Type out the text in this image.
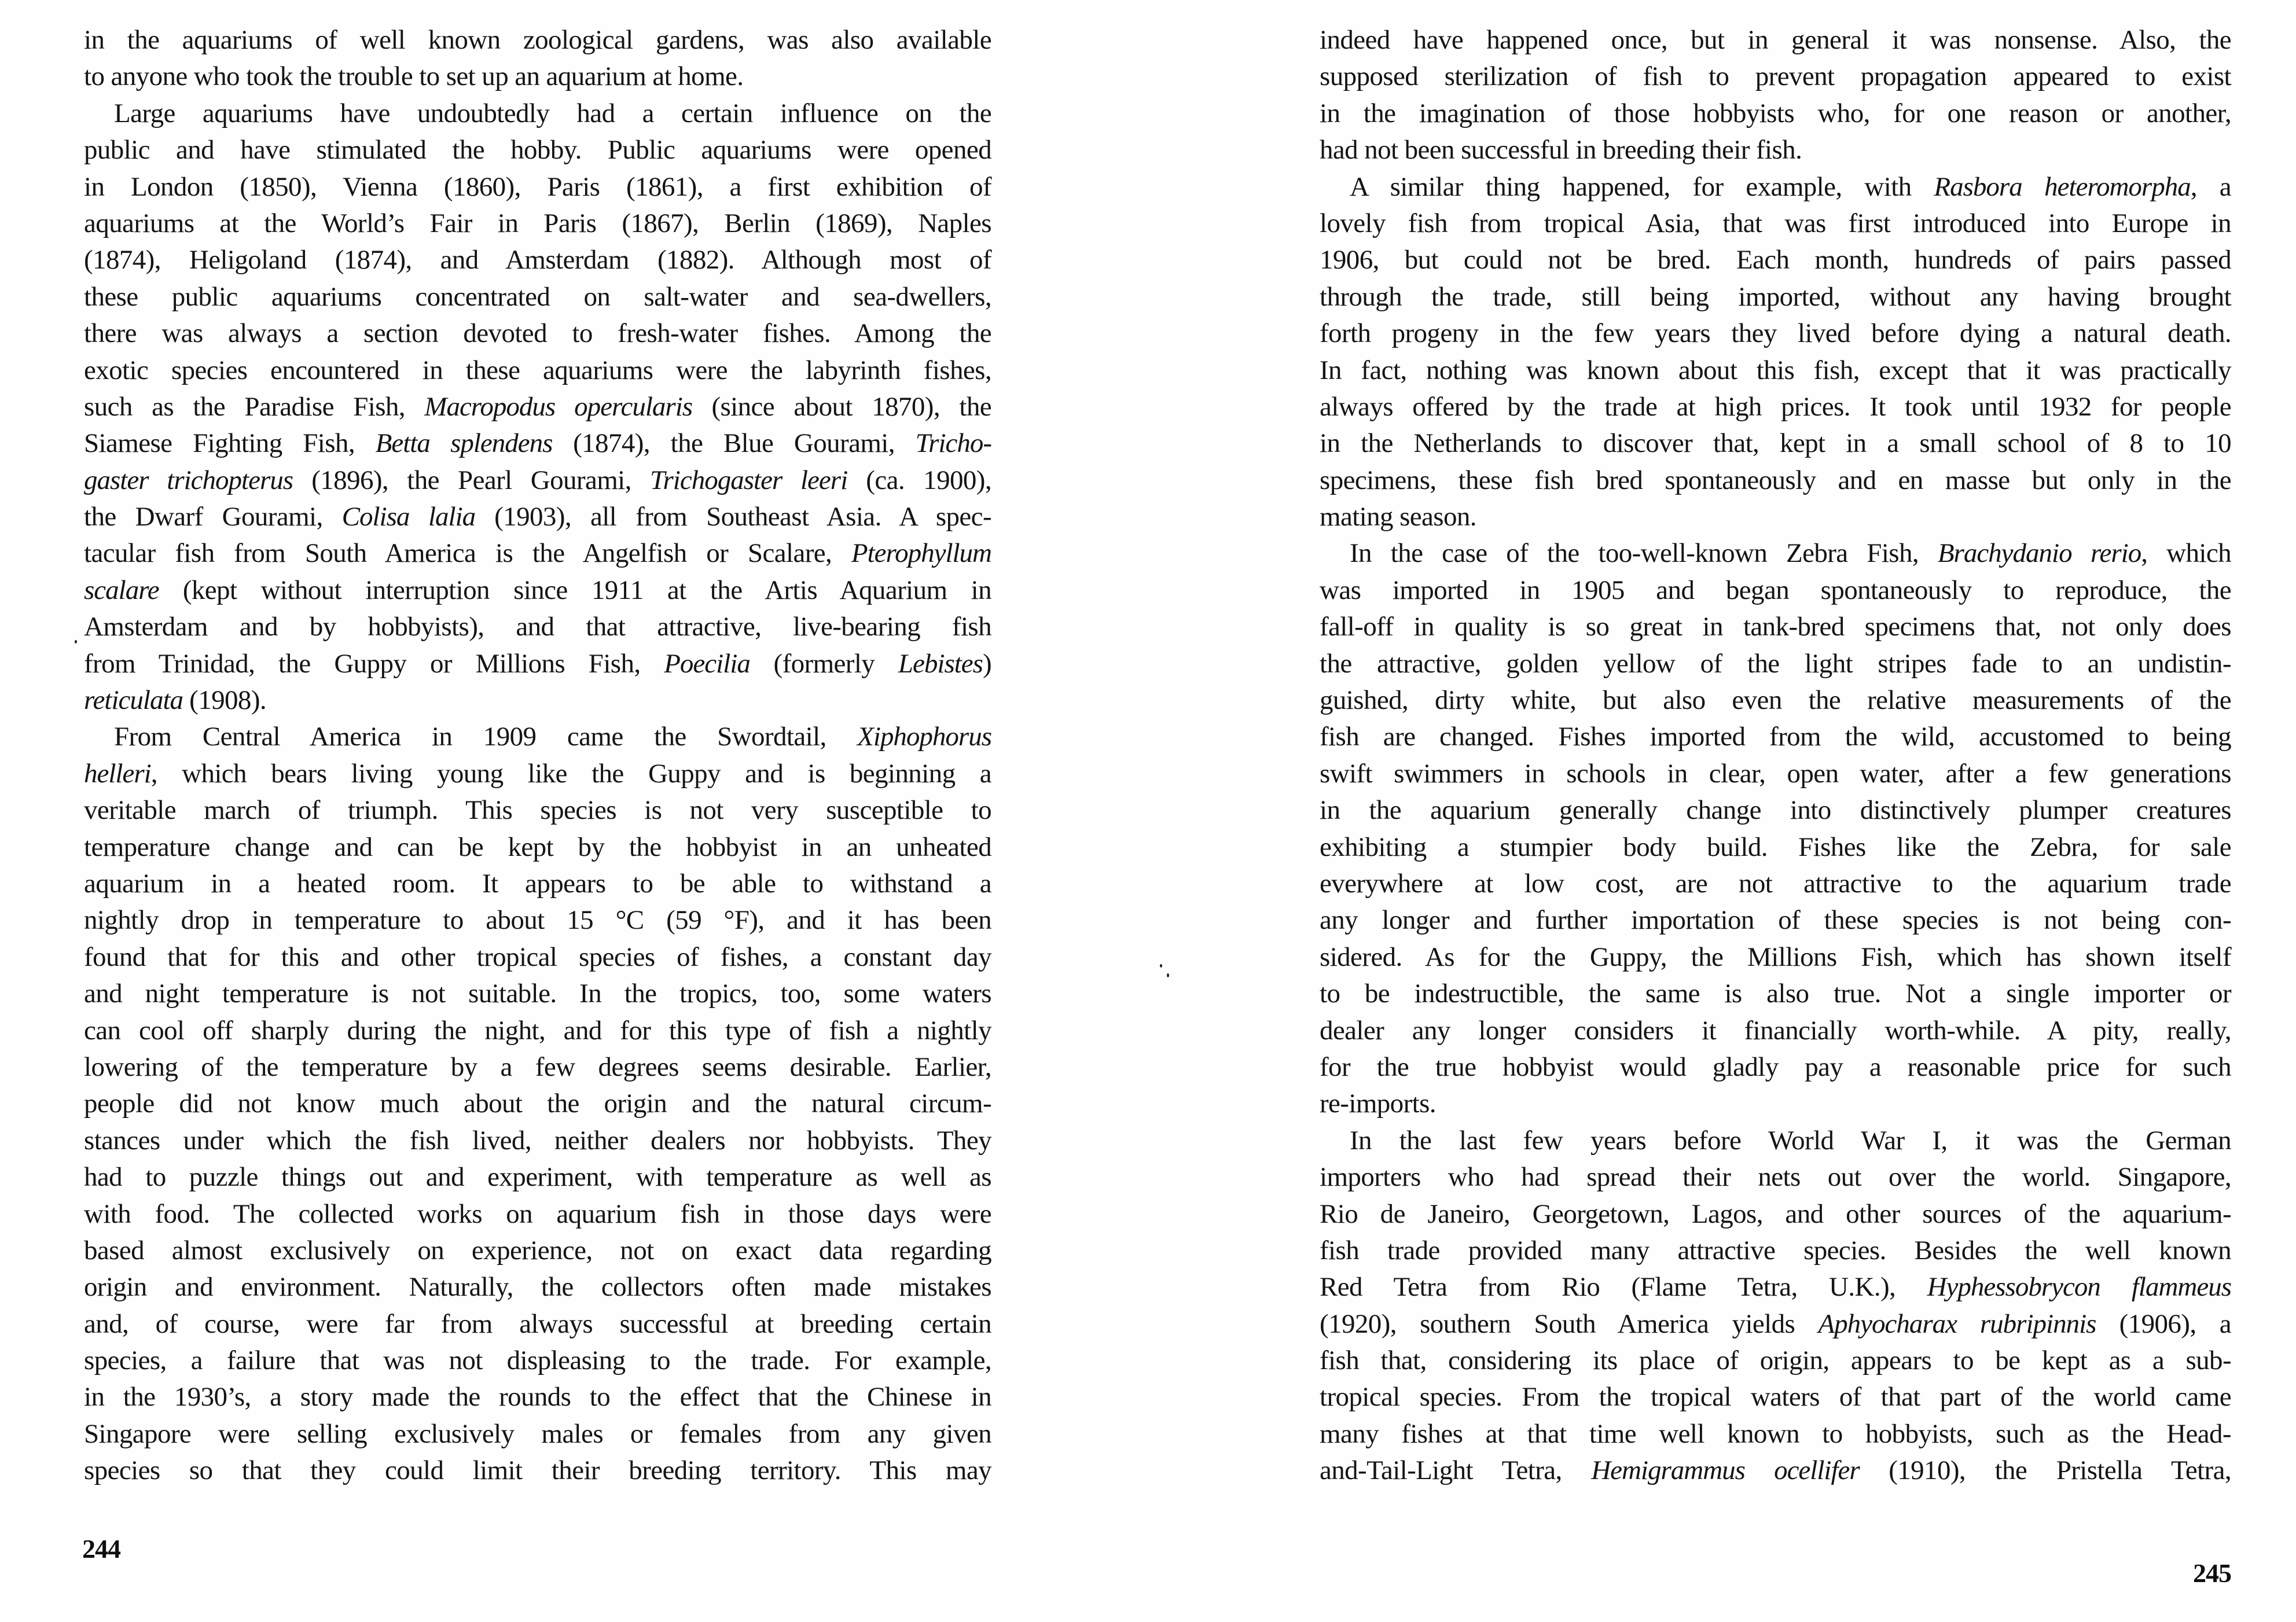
in the aquariums of well known zoological gardens, was also available
to anyone who took the trouble to set up an aquarium at home.
Large aquariums have undoubtedly had a certain influence on the
public and have stimulated the hobby. Public aquariums were opened
in London (1850), Vienna (1860), Paris (1861), a first exhibition of
aquariums at the World’s Fair in Paris (1867), Berlin (1869), Naples
(1874), Heligoland (1874), and Amsterdam (1882). Although most of
these public aquariums concentrated on salt-water and sea-dwellers,
there was always a section devoted to fresh-water fishes. Among the
exotic species encountered in these aquariums were the labyrinth fishes,
such as the Paradise Fish, Macropodus opercularis (since about 1870), the
Siamese Fighting Fish, Betta splendens (1874), the Blue Gourami, Tricho-
gaster trichopterus (1896), the Pearl Gourami, Trichogaster leeri (ca. 1900),
the Dwarf Gourami, Colisa lalia (1903), all from Southeast Asia. A spec-
tacular fish from South America is the Angelfish or Scalare, Pterophyllum
scalare (kept without interruption since 1911 at the Artis Aquarium in
Amsterdam and by hobbyists), and that attractive, live-bearing fish
from Trinidad, the Guppy or Millions Fish, Poecilia (formerly Lebistes)
reticulata (1908).
From Central America in 1909 came the Swordtail, Xiphophorus
helleri, which bears living young like the Guppy and is beginning a
veritable march of triumph. This species is not very susceptible to
temperature change and can be kept by the hobbyist in an unheated
aquarium in a heated room. It appears to be able to withstand a
nightly drop in temperature to about 15 °C (59 °F), and it has been
found that for this and other tropical species of fishes, a constant day
and night temperature is not suitable. In the tropics, too, some waters
can cool off sharply during the night, and for this type of fish a nightly
lowering of the temperature by a few degrees seems desirable. Earlier,
people did not know much about the origin and the natural circum-
stances under which the fish lived, neither dealers nor hobbyists. They
had to puzzle things out and experiment, with temperature as well as
with food. The collected works on aquarium fish in those days were
based almost exclusively on experience, not on exact data regarding
origin and environment. Naturally, the collectors often made mistakes
and, of course, were far from always successful at breeding certain
species, a failure that was not displeasing to the trade. For example,
in the 1930’s, a story made the rounds to the effect that the Chinese in
Singapore were selling exclusively males or females from any given
species so that they could limit their breeding territory. This may
244
indeed have happened once, but in general it was nonsense. Also, the
supposed sterilization of fish to prevent propagation appeared to exist
in the imagination of those hobbyists who, for one reason or another,
had not been successful in breeding their fish.
A similar thing happened, for example, with Rasbora heteromorpha, a
lovely fish from tropical Asia, that was first introduced into Europe in
1906, but could not be bred. Each month, hundreds of pairs passed
through the trade, still being imported, without any having brought
forth progeny in the few years they lived before dying a natural death.
In fact, nothing was known about this fish, except that it was practically
always offered by the trade at high prices. It took until 1932 for people
in the Netherlands to discover that, kept in a small school of 8 to 10
specimens, these fish bred spontaneously and en masse but only in the
mating season.
In the case of the too-well-known Zebra Fish, Brachydanio rerio, which
was imported in 1905 and began spontaneously to reproduce, the
fall-off in quality is so great in tank-bred specimens that, not only does
the attractive, golden yellow of the light stripes fade to an undistin-
guished, dirty white, but also even the relative measurements of the
fish are changed. Fishes imported from the wild, accustomed to being
swift swimmers in schools in clear, open water, after a few generations
in the aquarium generally change into distinctively plumper creatures
exhibiting a stumpier body build. Fishes like the Zebra, for sale
everywhere at low cost, are not attractive to the aquarium trade
any longer and further importation of these species is not being con-
sidered. As for the Guppy, the Millions Fish, which has shown itself
to be indestructible, the same is also true. Not a single importer or
dealer any longer considers it financially worth-while. A pity, really,
for the true hobbyist would gladly pay a reasonable price for such
re-imports.
In the last few years before World War I, it was the German
importers who had spread their nets out over the world. Singapore,
Rio de Janeiro, Georgetown, Lagos, and other sources of the aquarium-
fish trade provided many attractive species. Besides the well known
Red Tetra from Rio (Flame Tetra, U.K.), Hyphessobrycon flammeus
(1920), southern South America yields Aphyocharax rubripinnis (1906), a
fish that, considering its place of origin, appears to be kept as a sub-
tropical species. From the tropical waters of that part of the world came
many fishes at that time well known to hobbyists, such as the Head-
and-Tail-Light Tetra, Hemigrammus ocellifer (1910), the Pristella Tetra,
245
